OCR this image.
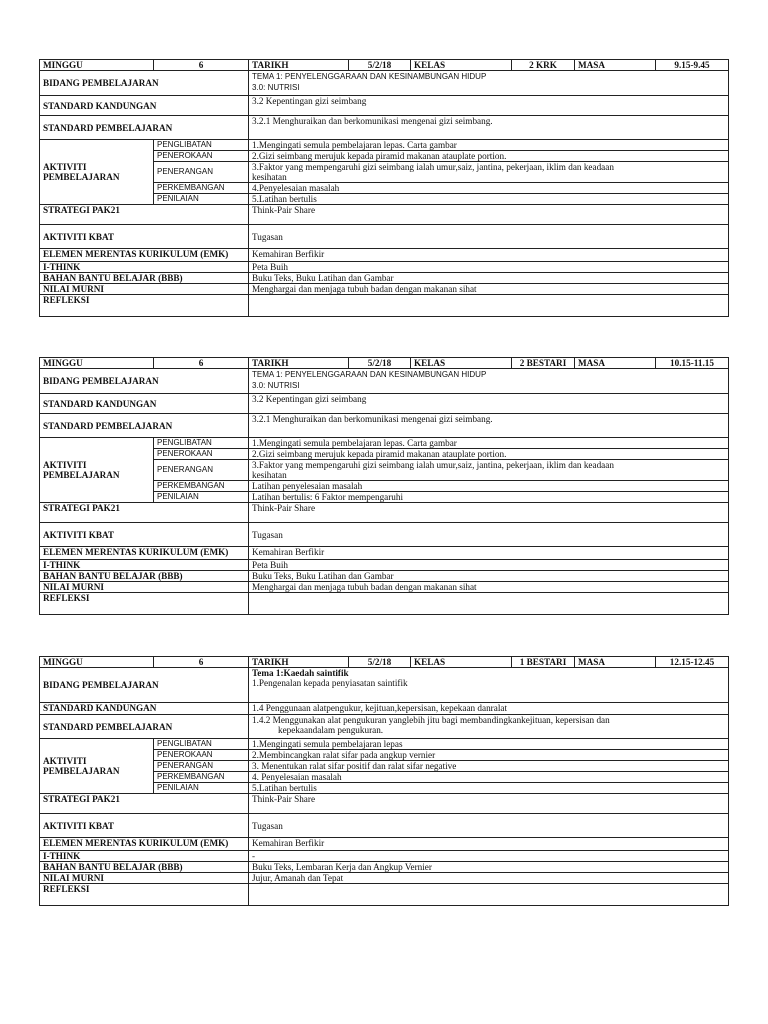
MINGGU	6	TARIKH	5/2/18	KELAS	2 KRK	MASA	9.15-9.45
BIDANG PEMBELAJARAN		TEMA 1: PENYELENGGARAAN DAN KESINAMBUNGAN HIDUP
3.0: NUTRISI					
STANDARD KANDUNGAN		3.2 Kepentingan gizi seimbang					
STANDARD PEMBELAJARAN		3.2.1 Menghuraikan dan berkomunikasi mengenai gizi seimbang.					

AKTIVITI
PEMBELAJARAN	PENGLIBATAN	1.Mengingati semula pembelajaran lepas. Carta gambar					
	PENEROKAAN	2.Gizi seimbang merujuk kepada piramid makanan atauplate portion.					
	PENERANGAN	3.Faktor yang mempengaruhi gizi seimbang ialah umur,saiz, jantina, pekerjaan, iklim dan keadaan
kesihatan					
	PERKEMBANGAN	4.Penyelesaian masalah					
	PENILAIAN	5.Latihan bertulis					
STRATEGI PAK21		Think-Pair Share					
AKTIVITI KBAT		Tugasan					
ELEMEN MERENTAS KURIKULUM (EMK)		Kemahiran Berfikir					
I-THINK		Peta Buih					
BAHAN BANTU BELAJAR (BBB)		Buku Teks, Buku Latihan dan Gambar					
NILAI MURNI		Menghargai dan menjaga tubuh badan dengan makanan sihat					
REFLEKSI							
MINGGU	6	TARIKH	5/2/18	KELAS	2 BESTARI	MASA	10.15-11.15
BIDANG PEMBELAJARAN		TEMA 1: PENYELENGGARAAN DAN KESINAMBUNGAN HIDUP
3.0: NUTRISI					
STANDARD KANDUNGAN		3.2 Kepentingan gizi seimbang					
STANDARD PEMBELAJARAN		3.2.1 Menghuraikan dan berkomunikasi mengenai gizi seimbang.					

AKTIVITI
PEMBELAJARAN	PENGLIBATAN	1.Mengingati semula pembelajaran lepas. Carta gambar					
	PENEROKAAN	2.Gizi seimbang merujuk kepada piramid makanan atauplate portion.					
	PENERANGAN	3.Faktor yang mempengaruhi gizi seimbang ialah umur,saiz, jantina, pekerjaan, iklim dan keadaan
kesihatan					
	PERKEMBANGAN	Latihan penyelesaian masalah					
	PENILAIAN	Latihan bertulis: 6 Faktor mempengaruhi					
STRATEGI PAK21		Think-Pair Share					
AKTIVITI KBAT		Tugasan					
ELEMEN MERENTAS KURIKULUM (EMK)		Kemahiran Berfikir					
I-THINK		Peta Buih					
BAHAN BANTU BELAJAR (BBB)		Buku Teks, Buku Latihan dan Gambar					
NILAI MURNI		Menghargai dan menjaga tubuh badan dengan makanan sihat					
REFLEKSI							
MINGGU	6	TARIKH	5/2/18	KELAS	1 BESTARI	MASA	12.15-12.45
BIDANG PEMBELAJARAN		Tema 1:Kaedah saintifik
1.Pengenalan kepada penyiasatan saintifik					
STANDARD KANDUNGAN		1.4 Penggunaan alatpengukur, kejituan,kepersisan, kepekaan danralat					
STANDARD PEMBELAJARAN		1.4.2 Menggunakan alat pengukuran yanglebih jitu bagi membandingkankejituan, kepersisan dan
kepekaandalam pengukuran.					
AKTIVITI
PEMBELAJARAN	PENGLIBATAN	1.Mengingati semula pembelajaran lepas					
	PENEROKAAN	2.Membincangkan ralat sifar pada angkup vernier					
	PENERANGAN	3. Menentukan ralat sifar positif dan ralat sifar negative					
	PERKEMBANGAN	4. Penyelesaian masalah					
	PENILAIAN	5.Latihan bertulis					
STRATEGI PAK21		Think-Pair Share					
AKTIVITI KBAT		Tugasan					
ELEMEN MERENTAS KURIKULUM (EMK)		Kemahiran Berfikir					
I-THINK		-					
BAHAN BANTU BELAJAR (BBB)		Buku Teks, Lembaran Kerja dan Angkup Vernier					
NILAI MURNI		Jujur, Amanah dan Tepat					
REFLEKSI							
